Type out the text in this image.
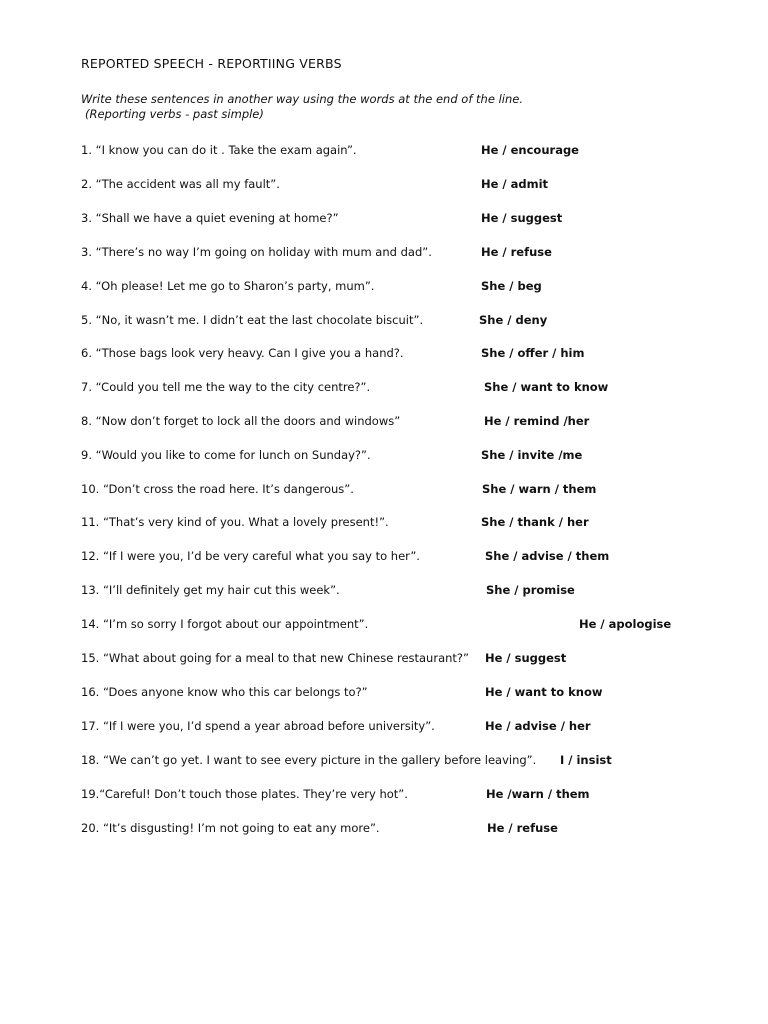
REPORTED SPEECH - REPORTIING VERBS
Write these sentences in another way using the words at the end of the line.
(Reporting verbs - past simple)
1. “I know you can do it . Take the exam again”.	He / encourage
2. “The accident was all my fault”.	He / admit
3. “Shall we have a quiet evening at home?”	He / suggest
3. “There’s no way I’m going on holiday with mum and dad”.	He / refuse
4. “Oh please! Let me go to Sharon’s party, mum”.	She / beg
5. “No, it wasn’t me. I didn’t eat the last chocolate biscuit”.	She / deny
6. “Those bags look very heavy. Can I give you a hand?.	She / offer / him
7. “Could you tell me the way to the city centre?”.	She / want to know
8. “Now don’t forget to lock all the doors and windows”	He / remind /her
9. “Would you like to come for lunch on Sunday?”.	She / invite /me
10. “Don’t cross the road here. It’s dangerous”.	She / warn / them
11. “That’s very kind of you. What a lovely present!”.	She / thank / her
12. “If I were you, I’d be very careful what you say to her”.	She / advise / them
13. “I’ll definitely get my hair cut this week”.	She / promise
14. “I’m so sorry I forgot about our appointment”.	He / apologise
15. “What about going for a meal to that new Chinese restaurant?” He / suggest
16. “Does anyone know who this car belongs to?”	He / want to know
17. “If I were you, I’d spend a year abroad before university”.	He / advise / her
18. “We can’t go yet. I want to see every picture in the gallery before leaving”. I / insist
19.“Careful! Don’t touch those plates. They’re very hot”.	He /warn / them
20. “It’s disgusting! I’m not going to eat any more”.	He / refuse
